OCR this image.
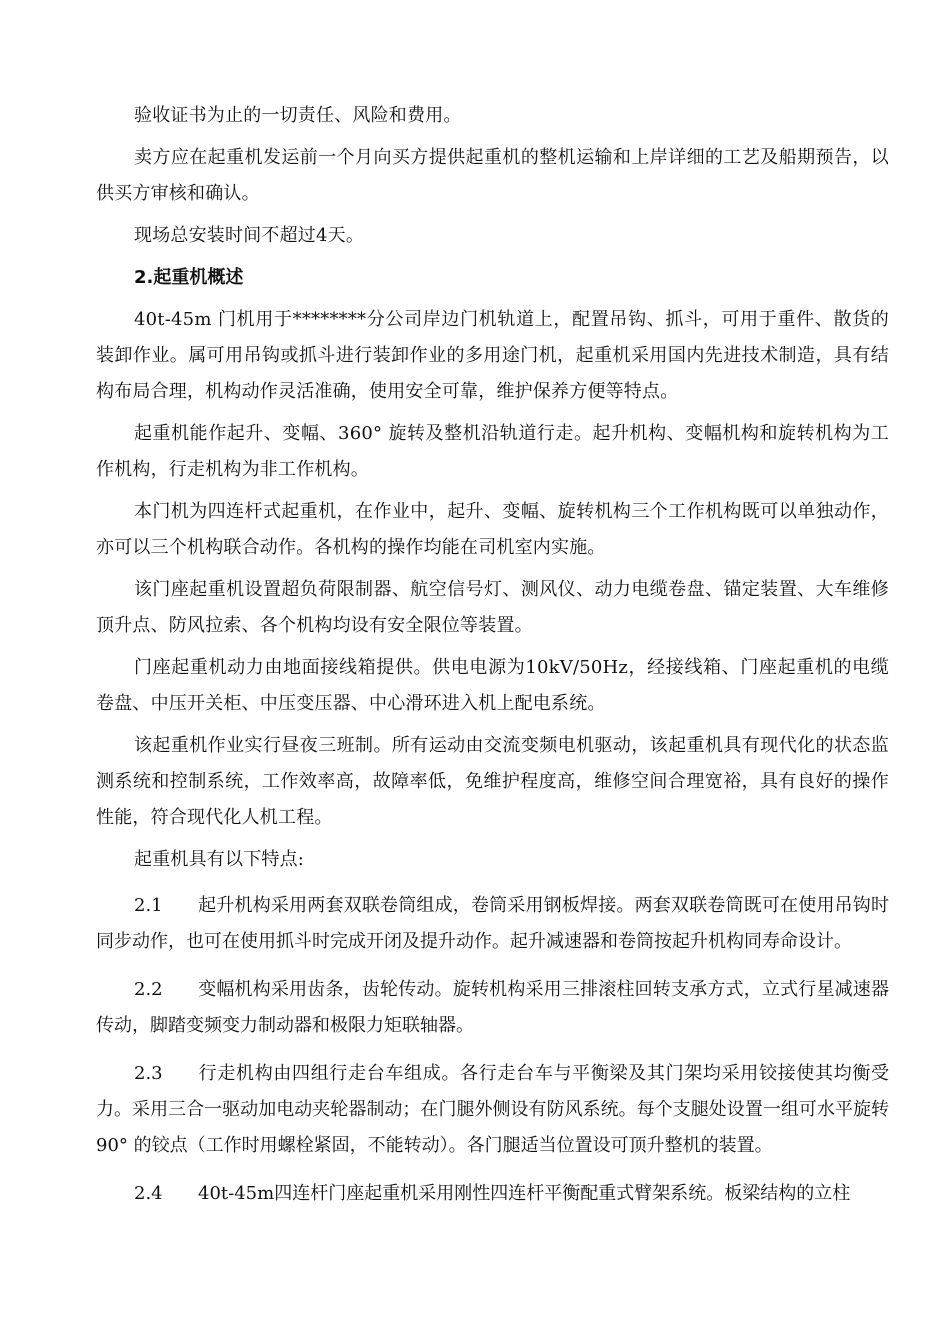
验收证书为止的一切责任、风险和费用。

卖方应在起重机发运前一个月向买方提供起重机的整机运输和上岸详细的工艺及船期预告，以供买方审核和确认。

现场总安装时间不超过4天。

2.起重机概述

40t-45m 门机用于********分公司岸边门机轨道上，配置吊钩、抓斗，可用于重件、散货的装卸作业。属可用吊钩或抓斗进行装卸作业的多用途门机，起重机采用国内先进技术制造，具有结构布局合理，机构动作灵活准确，使用安全可靠，维护保养方便等特点。

起重机能作起升、变幅、360° 旋转及整机沿轨道行走。起升机构、变幅机构和旋转机构为工作机构，行走机构为非工作机构。

本门机为四连杆式起重机，在作业中，起升、变幅、旋转机构三个工作机构既可以单独动作，亦可以三个机构联合动作。各机构的操作均能在司机室内实施。

该门座起重机设置超负荷限制器、航空信号灯、测风仪、动力电缆卷盘、锚定装置、大车维修顶升点、防风拉索、各个机构均设有安全限位等装置。

门座起重机动力由地面接线箱提供。供电电源为10kV/50Hz，经接线箱、门座起重机的电缆卷盘、中压开关柜、中压变压器、中心滑环进入机上配电系统。

该起重机作业实行昼夜三班制。所有运动由交流变频电机驱动，该起重机具有现代化的状态监测系统和控制系统，工作效率高，故障率低，免维护程度高，维修空间合理宽裕，具有良好的操作性能，符合现代化人机工程。

起重机具有以下特点:

2.1 起升机构采用两套双联卷筒组成，卷筒采用钢板焊接。两套双联卷筒既可在使用吊钩时同步动作，也可在使用抓斗时完成开闭及提升动作。起升减速器和卷筒按起升机构同寿命设计。

2.2 变幅机构采用齿条，齿轮传动。旋转机构采用三排滚柱回转支承方式，立式行星减速器传动，脚踏变频变力制动器和极限力矩联轴器。

2.3 行走机构由四组行走台车组成。各行走台车与平衡梁及其门架均采用铰接使其均衡受力。采用三合一驱动加电动夹轮器制动；在门腿外侧设有防风系统。每个支腿处设置一组可水平旋转90° 的铰点（工作时用螺栓紧固，不能转动）。各门腿适当位置设可顶升整机的装置。

2.4 40t-45m四连杆门座起重机采用刚性四连杆平衡配重式臂架系统。板梁结构的立柱
